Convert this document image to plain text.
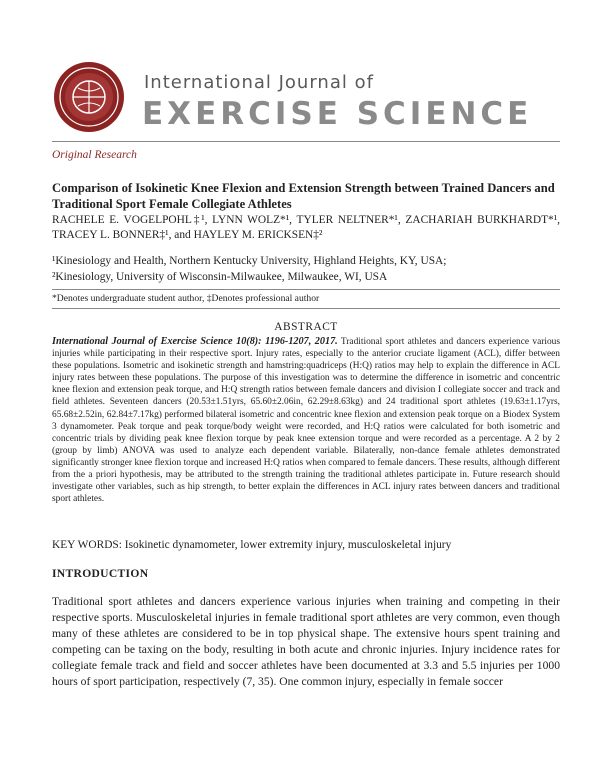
International Journal of
EXERCISE SCIENCE
Original Research
Comparison of Isokinetic Knee Flexion and Extension Strength between Trained Dancers and Traditional Sport Female Collegiate Athletes
RACHELE E. VOGELPOHL‡¹, LYNN WOLZ*¹, TYLER NELTNER*¹, ZACHARIAH BURKHARDT*¹, TRACEY L. BONNER‡¹, and HAYLEY M. ERICKSEN‡²
¹Kinesiology and Health, Northern Kentucky University, Highland Heights, KY, USA;
²Kinesiology, University of Wisconsin-Milwaukee, Milwaukee, WI, USA
*Denotes undergraduate student author, ‡Denotes professional author
ABSTRACT
International Journal of Exercise Science 10(8): 1196-1207, 2017. Traditional sport athletes and dancers experience various injuries while participating in their respective sport. Injury rates, especially to the anterior cruciate ligament (ACL), differ between these populations. Isometric and isokinetic strength and hamstring:quadriceps (H:Q) ratios may help to explain the difference in ACL injury rates between these populations. The purpose of this investigation was to determine the difference in isometric and concentric knee flexion and extension peak torque, and H:Q strength ratios between female dancers and division I collegiate soccer and track and field athletes. Seventeen dancers (20.53±1.51yrs, 65.60±2.06in, 62.29±8.63kg) and 24 traditional sport athletes (19.63±1.17yrs, 65.68±2.52in, 62.84±7.17kg) performed bilateral isometric and concentric knee flexion and extension peak torque on a Biodex System 3 dynamometer. Peak torque and peak torque/body weight were recorded, and H:Q ratios were calculated for both isometric and concentric trials by dividing peak knee flexion torque by peak knee extension torque and were recorded as a percentage. A 2 by 2 (group by limb) ANOVA was used to analyze each dependent variable. Bilaterally, non-dance female athletes demonstrated significantly stronger knee flexion torque and increased H:Q ratios when compared to female dancers. These results, although different from the a priori hypothesis, may be attributed to the strength training the traditional athletes participate in. Future research should investigate other variables, such as hip strength, to better explain the differences in ACL injury rates between dancers and traditional sport athletes.
KEY WORDS: Isokinetic dynamometer, lower extremity injury, musculoskeletal injury
INTRODUCTION
Traditional sport athletes and dancers experience various injuries when training and competing in their respective sports. Musculoskeletal injuries in female traditional sport athletes are very common, even though many of these athletes are considered to be in top physical shape. The extensive hours spent training and competing can be taxing on the body, resulting in both acute and chronic injuries. Injury incidence rates for collegiate female track and field and soccer athletes have been documented at 3.3 and 5.5 injuries per 1000 hours of sport participation, respectively (7, 35). One common injury, especially in female soccer
